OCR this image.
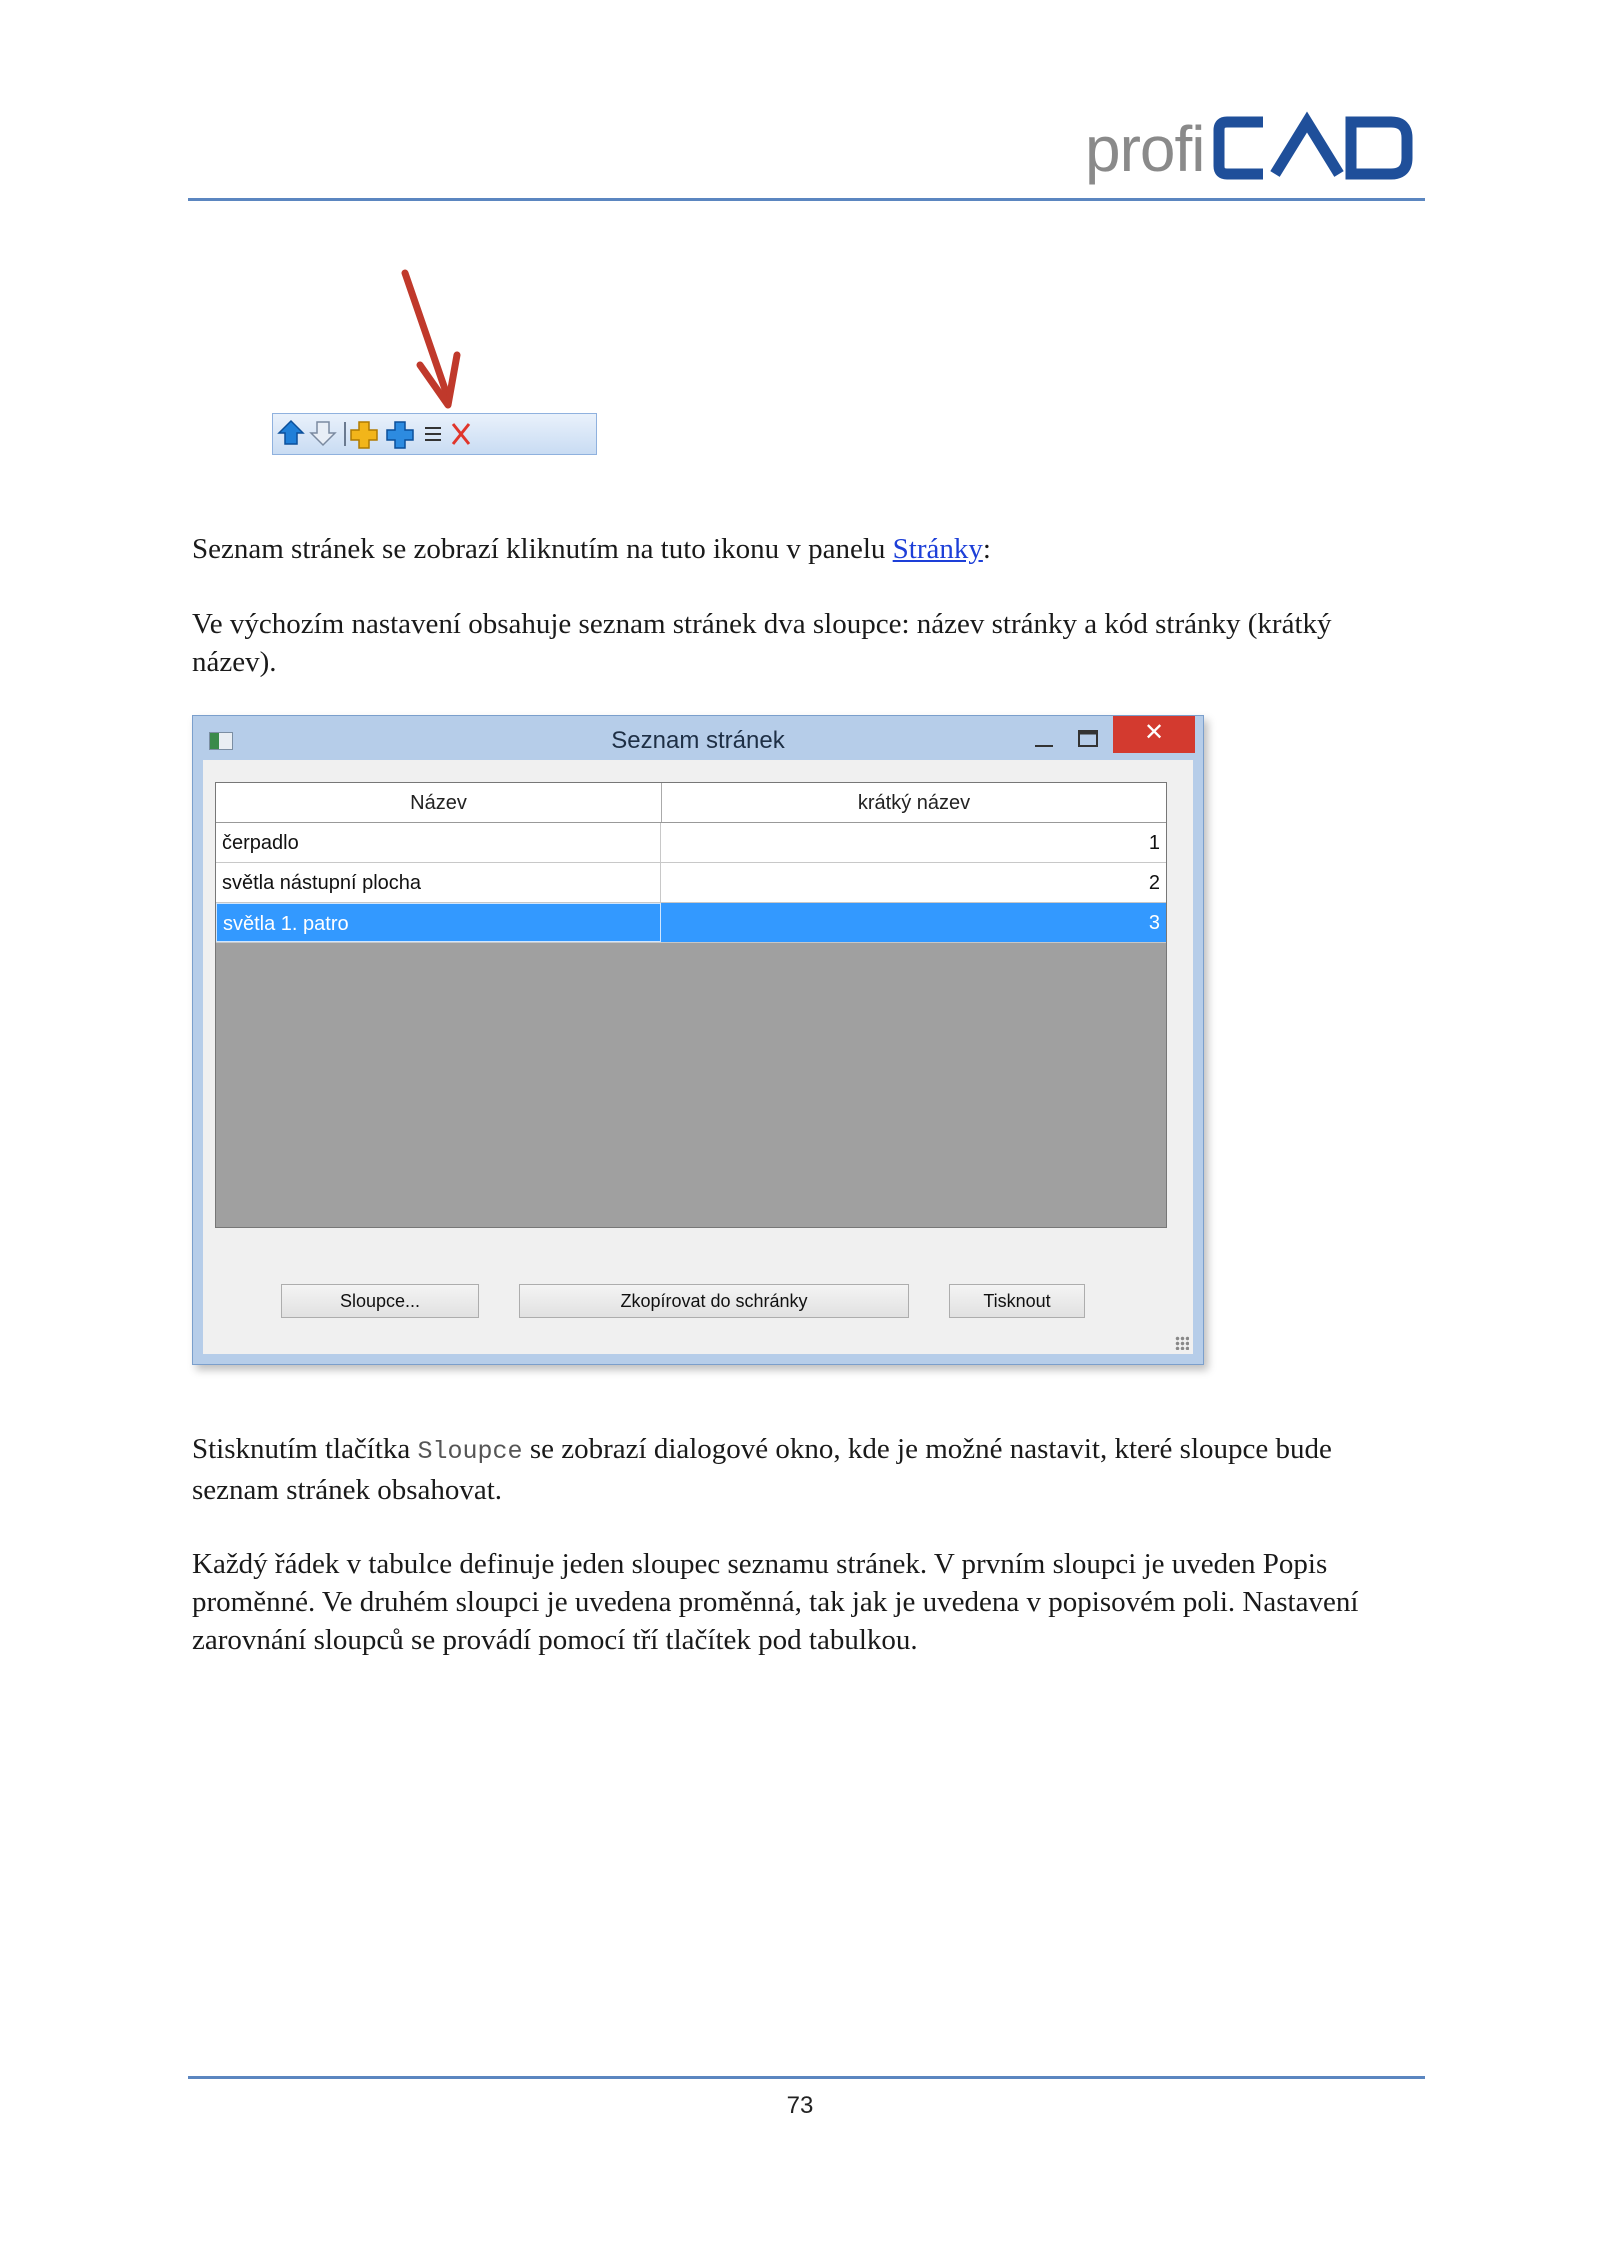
profi

Seznam stránek se zobrazí kliknutím na tuto ikonu v panelu Stránky:

Ve výchozím nastavení obsahuje seznam stránek dva sloupce: název stránky a kód stránky (krátký název).

Seznam stránek	✕
Název	krátký název
čerpadlo	1
světla nástupní plocha	2
světla 1. patro	3
Sloupce...	Zkopírovat do schránky	Tisknout

Stisknutím tlačítka Sloupce se zobrazí dialogové okno, kde je možné nastavit, které sloupce bude seznam stránek obsahovat.

Každý řádek v tabulce definuje jeden sloupec seznamu stránek. V prvním sloupci je uveden Popis proměnné. Ve druhém sloupci je uvedena proměnná, tak jak je uvedena v popisovém poli. Nastavení zarovnání sloupců se provádí pomocí tří tlačítek pod tabulkou.

73
